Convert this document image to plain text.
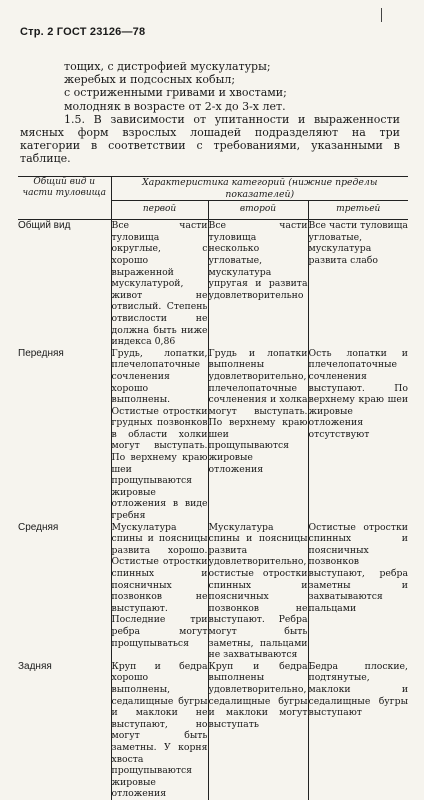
Стр. 2 ГОСТ 23126—78
тощих, с дистрофией мускулатуры;
жеребых и подсосных кобыл;
с остриженными гривами и хвостами;
молодняк в возрасте от 2-х до 3-х лет.
1.5. В зависимости от упитанности и выраженности мясных форм взрослых лошадей подразделяют на три категории в соответствии с требованиями, указанными в таблице.
Общий вид и части туловища	Характеристика категорий (нижние пределы показателей)		
	первой	второй	третьей
Общий вид	Все части туловища округлые, с хорошо выраженной мускулатурой, живот не отвислый. Степень отвислости не должна быть ниже индекса 0,86	Все части туловища несколько угловатые, мускулатура упругая и развита удовлетворительно	Все части туловища угловатые, мускулатура развита слабо

Передняя	Грудь, лопатки, плечелопаточные сочленения хорошо выполнены. Остистые отростки грудных позвонков в области холки могут выступать. По верхнему краю шеи прощупываются жировые отложения в виде гребня	Грудь и лопатки выполнены удовлетворительно, плечелопаточные сочленения и холка могут выступать. По верхнему краю шеи прощупываются жировые отложения	Ость лопатки и плечелопаточные сочленения выступают. По верхнему краю шеи жировые отложения отсутствуют

Средняя	Мускулатура спины и поясницы развита хорошо. Остистые отростки спинных и поясничных позвонков не выступают. Последние три ребра могут прощупываться	Мускулатура спины и поясницы развита удовлетворительно, остистые отростки спинных и поясничных позвонков не выступают. Ребра могут быть заметны, пальцами не захватываются	Остистые отростки спинных и поясничных позвонков выступают, ребра заметны и захватываются пальцами

Задняя	Круп и бедра хорошо выполнены, седалищные бугры и маклоки не выступают, но могут быть заметны. У корня хвоста прощупываются жировые отложения	Круп и бедра выполнены удовлетворительно, седалищные бугры и маклоки могут выступать	Бедра плоские, подтянутые, маклоки и седалищные бугры выступают
